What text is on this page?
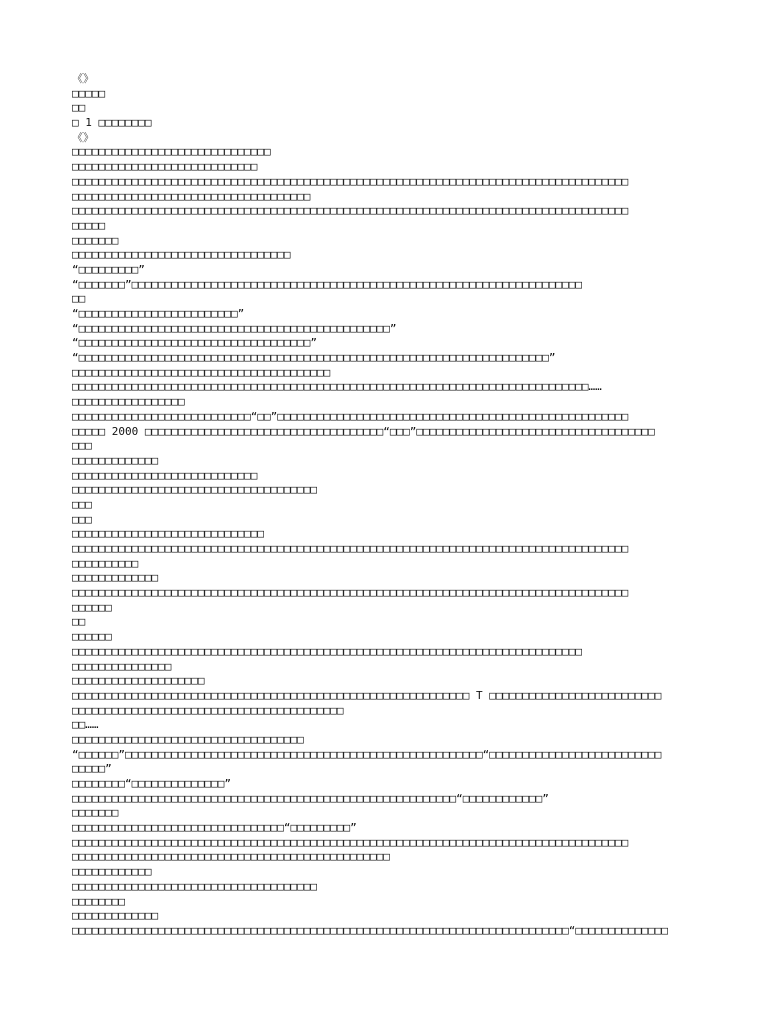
《》
□□□□□
□□
□ 1 □□□□□□□□
《》
□□□□□□□□□□□□□□□□□□□□□□□□□□□□□□
□□□□□□□□□□□□□□□□□□□□□□□□□□□□
□□□□□□□□□□□□□□□□□□□□□□□□□□□□□□□□□□□□□□□□□□□□□□□□□□□□□□□□□□□□□□□□□□□□□□□□□□□□□□□□□□□□
□□□□□□□□□□□□□□□□□□□□□□□□□□□□□□□□□□□□
□□□□□□□□□□□□□□□□□□□□□□□□□□□□□□□□□□□□□□□□□□□□□□□□□□□□□□□□□□□□□□□□□□□□□□□□□□□□□□□□□□□□
□□□□□
□□□□□□□
□□□□□□□□□□□□□□□□□□□□□□□□□□□□□□□□□
“□□□□□□□□□”
“□□□□□□□”□□□□□□□□□□□□□□□□□□□□□□□□□□□□□□□□□□□□□□□□□□□□□□□□□□□□□□□□□□□□□□□□□□□□
□□
“□□□□□□□□□□□□□□□□□□□□□□□□”
“□□□□□□□□□□□□□□□□□□□□□□□□□□□□□□□□□□□□□□□□□□□□□□□”
“□□□□□□□□□□□□□□□□□□□□□□□□□□□□□□□□□□□”
“□□□□□□□□□□□□□□□□□□□□□□□□□□□□□□□□□□□□□□□□□□□□□□□□□□□□□□□□□□□□□□□□□□□□□□□”
□□□□□□□□□□□□□□□□□□□□□□□□□□□□□□□□□□□□□□□
□□□□□□□□□□□□□□□□□□□□□□□□□□□□□□□□□□□□□□□□□□□□□□□□□□□□□□□□□□□□□□□□□□□□□□□□□□□□□□……
□□□□□□□□□□□□□□□□□
□□□□□□□□□□□□□□□□□□□□□□□□□□□“□□”□□□□□□□□□□□□□□□□□□□□□□□□□□□□□□□□□□□□□□□□□□□□□□□□□□□□□
□□□□□ 2000 □□□□□□□□□□□□□□□□□□□□□□□□□□□□□□□□□□□□“□□□”□□□□□□□□□□□□□□□□□□□□□□□□□□□□□□□□□□□□
□□□
□□□□□□□□□□□□□
□□□□□□□□□□□□□□□□□□□□□□□□□□□□
□□□□□□□□□□□□□□□□□□□□□□□□□□□□□□□□□□□□□
□□□
□□□
□□□□□□□□□□□□□□□□□□□□□□□□□□□□□
□□□□□□□□□□□□□□□□□□□□□□□□□□□□□□□□□□□□□□□□□□□□□□□□□□□□□□□□□□□□□□□□□□□□□□□□□□□□□□□□□□□□
□□□□□□□□□□
□□□□□□□□□□□□□
□□□□□□□□□□□□□□□□□□□□□□□□□□□□□□□□□□□□□□□□□□□□□□□□□□□□□□□□□□□□□□□□□□□□□□□□□□□□□□□□□□□□
□□□□□□
□□
□□□□□□
□□□□□□□□□□□□□□□□□□□□□□□□□□□□□□□□□□□□□□□□□□□□□□□□□□□□□□□□□□□□□□□□□□□□□□□□□□□□□
□□□□□□□□□□□□□□□
□□□□□□□□□□□□□□□□□□□□
□□□□□□□□□□□□□□□□□□□□□□□□□□□□□□□□□□□□□□□□□□□□□□□□□□□□□□□□□□□□ T □□□□□□□□□□□□□□□□□□□□□□□□□□
□□□□□□□□□□□□□□□□□□□□□□□□□□□□□□□□□□□□□□□□□
□□……
□□□□□□□□□□□□□□□□□□□□□□□□□□□□□□□□□□□
“□□□□□□”□□□□□□□□□□□□□□□□□□□□□□□□□□□□□□□□□□□□□□□□□□□□□□□□□□□□□□“□□□□□□□□□□□□□□□□□□□□□□□□□□
□□□□□”
□□□□□□□□“□□□□□□□□□□□□□□”
□□□□□□□□□□□□□□□□□□□□□□□□□□□□□□□□□□□□□□□□□□□□□□□□□□□□□□□□□□“□□□□□□□□□□□□”
□□□□□□□
□□□□□□□□□□□□□□□□□□□□□□□□□□□□□□□□“□□□□□□□□□”
□□□□□□□□□□□□□□□□□□□□□□□□□□□□□□□□□□□□□□□□□□□□□□□□□□□□□□□□□□□□□□□□□□□□□□□□□□□□□□□□□□□□
□□□□□□□□□□□□□□□□□□□□□□□□□□□□□□□□□□□□□□□□□□□□□□□□
□□□□□□□□□□□□
□□□□□□□□□□□□□□□□□□□□□□□□□□□□□□□□□□□□□
□□□□□□□□
□□□□□□□□□□□□□
□□□□□□□□□□□□□□□□□□□□□□□□□□□□□□□□□□□□□□□□□□□□□□□□□□□□□□□□□□□□□□□□□□□□□□□□□□□“□□□□□□□□□□□□□□
